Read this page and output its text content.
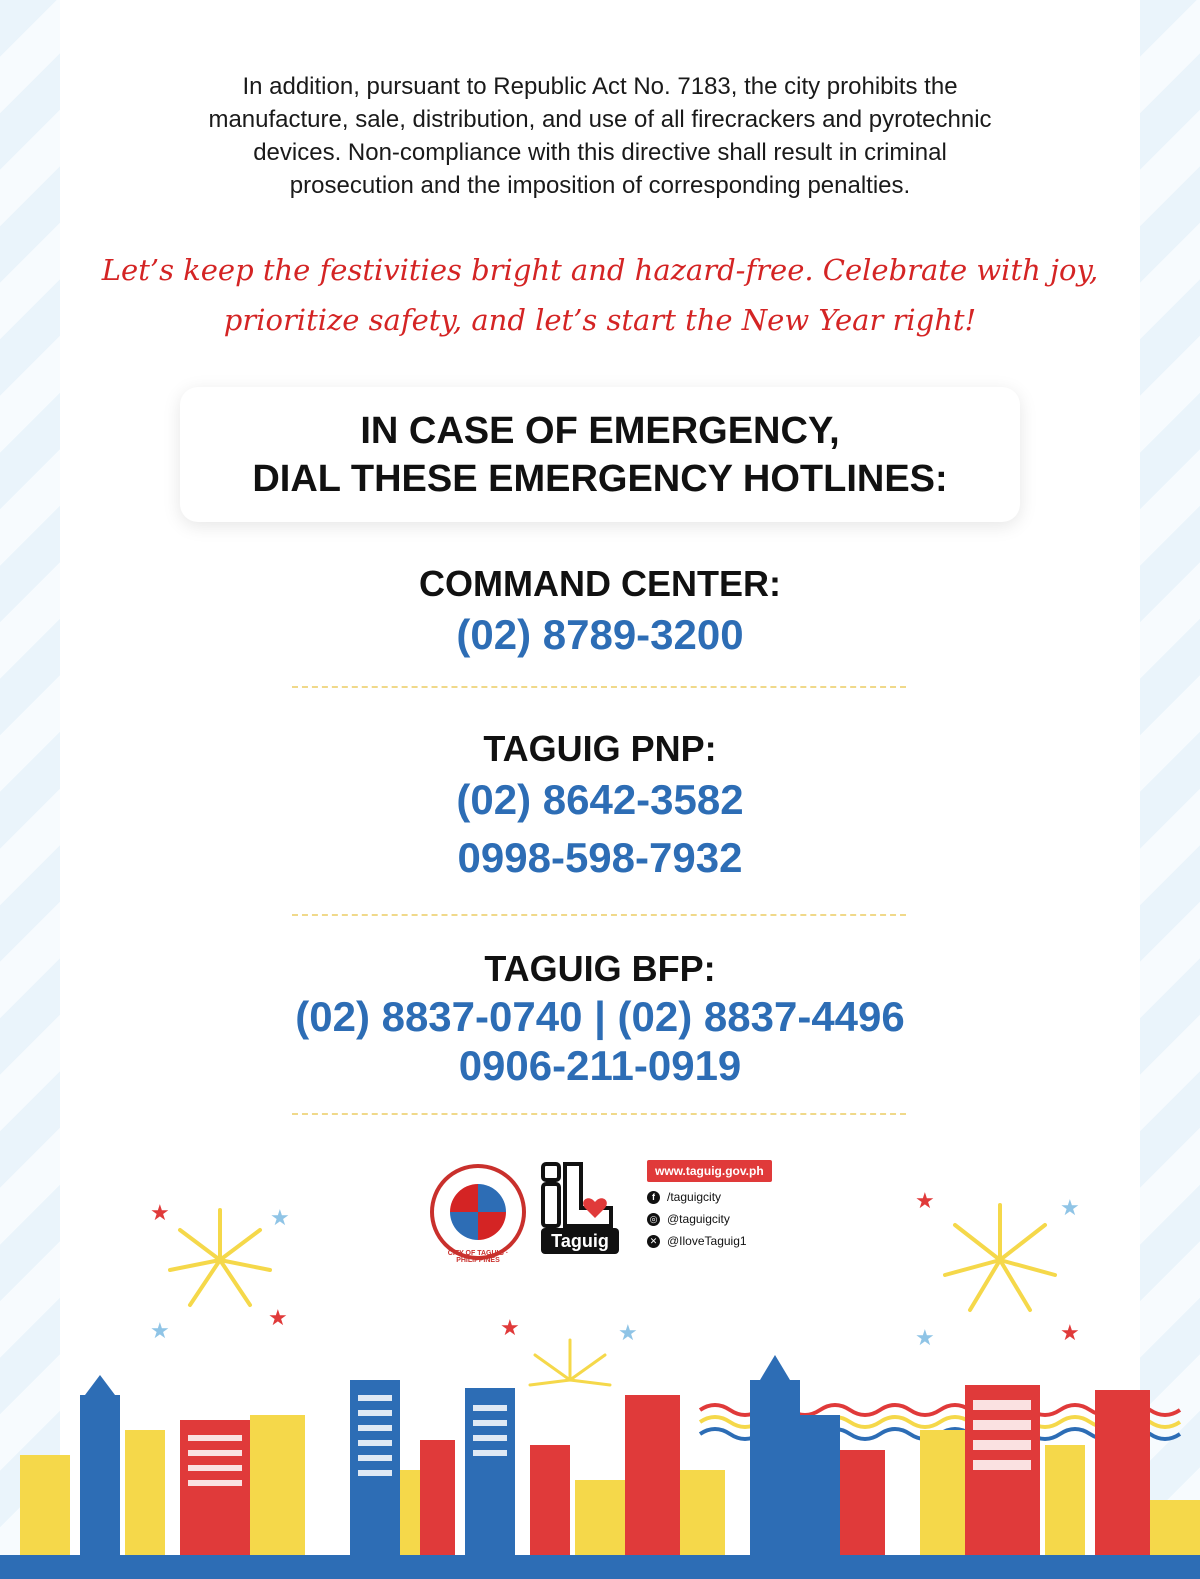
In addition, pursuant to Republic Act No. 7183, the city prohibits the
manufacture, sale, distribution, and use of all firecrackers and pyrotechnic
devices. Non-compliance with this directive shall result in criminal
prosecution and the imposition of corresponding penalties.
Let’s keep the festivities bright and hazard-free. Celebrate with joy,
prioritize safety, and let’s start the New Year right!
IN CASE OF EMERGENCY,
DIAL THESE EMERGENCY HOTLINES:
COMMAND CENTER:
(02) 8789-3200
TAGUIG PNP:
(02) 8642-3582
0998-598-7932
TAGUIG BFP:
(02) 8837-0740 | (02) 8837-4496
0906-211-0919
CITY OF TAGUIG · PHILIPPINES
Taguig
www.taguig.gov.ph
f	/taguigcity
◎ @taguigcity
✕ @IloveTaguig1
★	★
★
★
★	★
★	★
★	★
